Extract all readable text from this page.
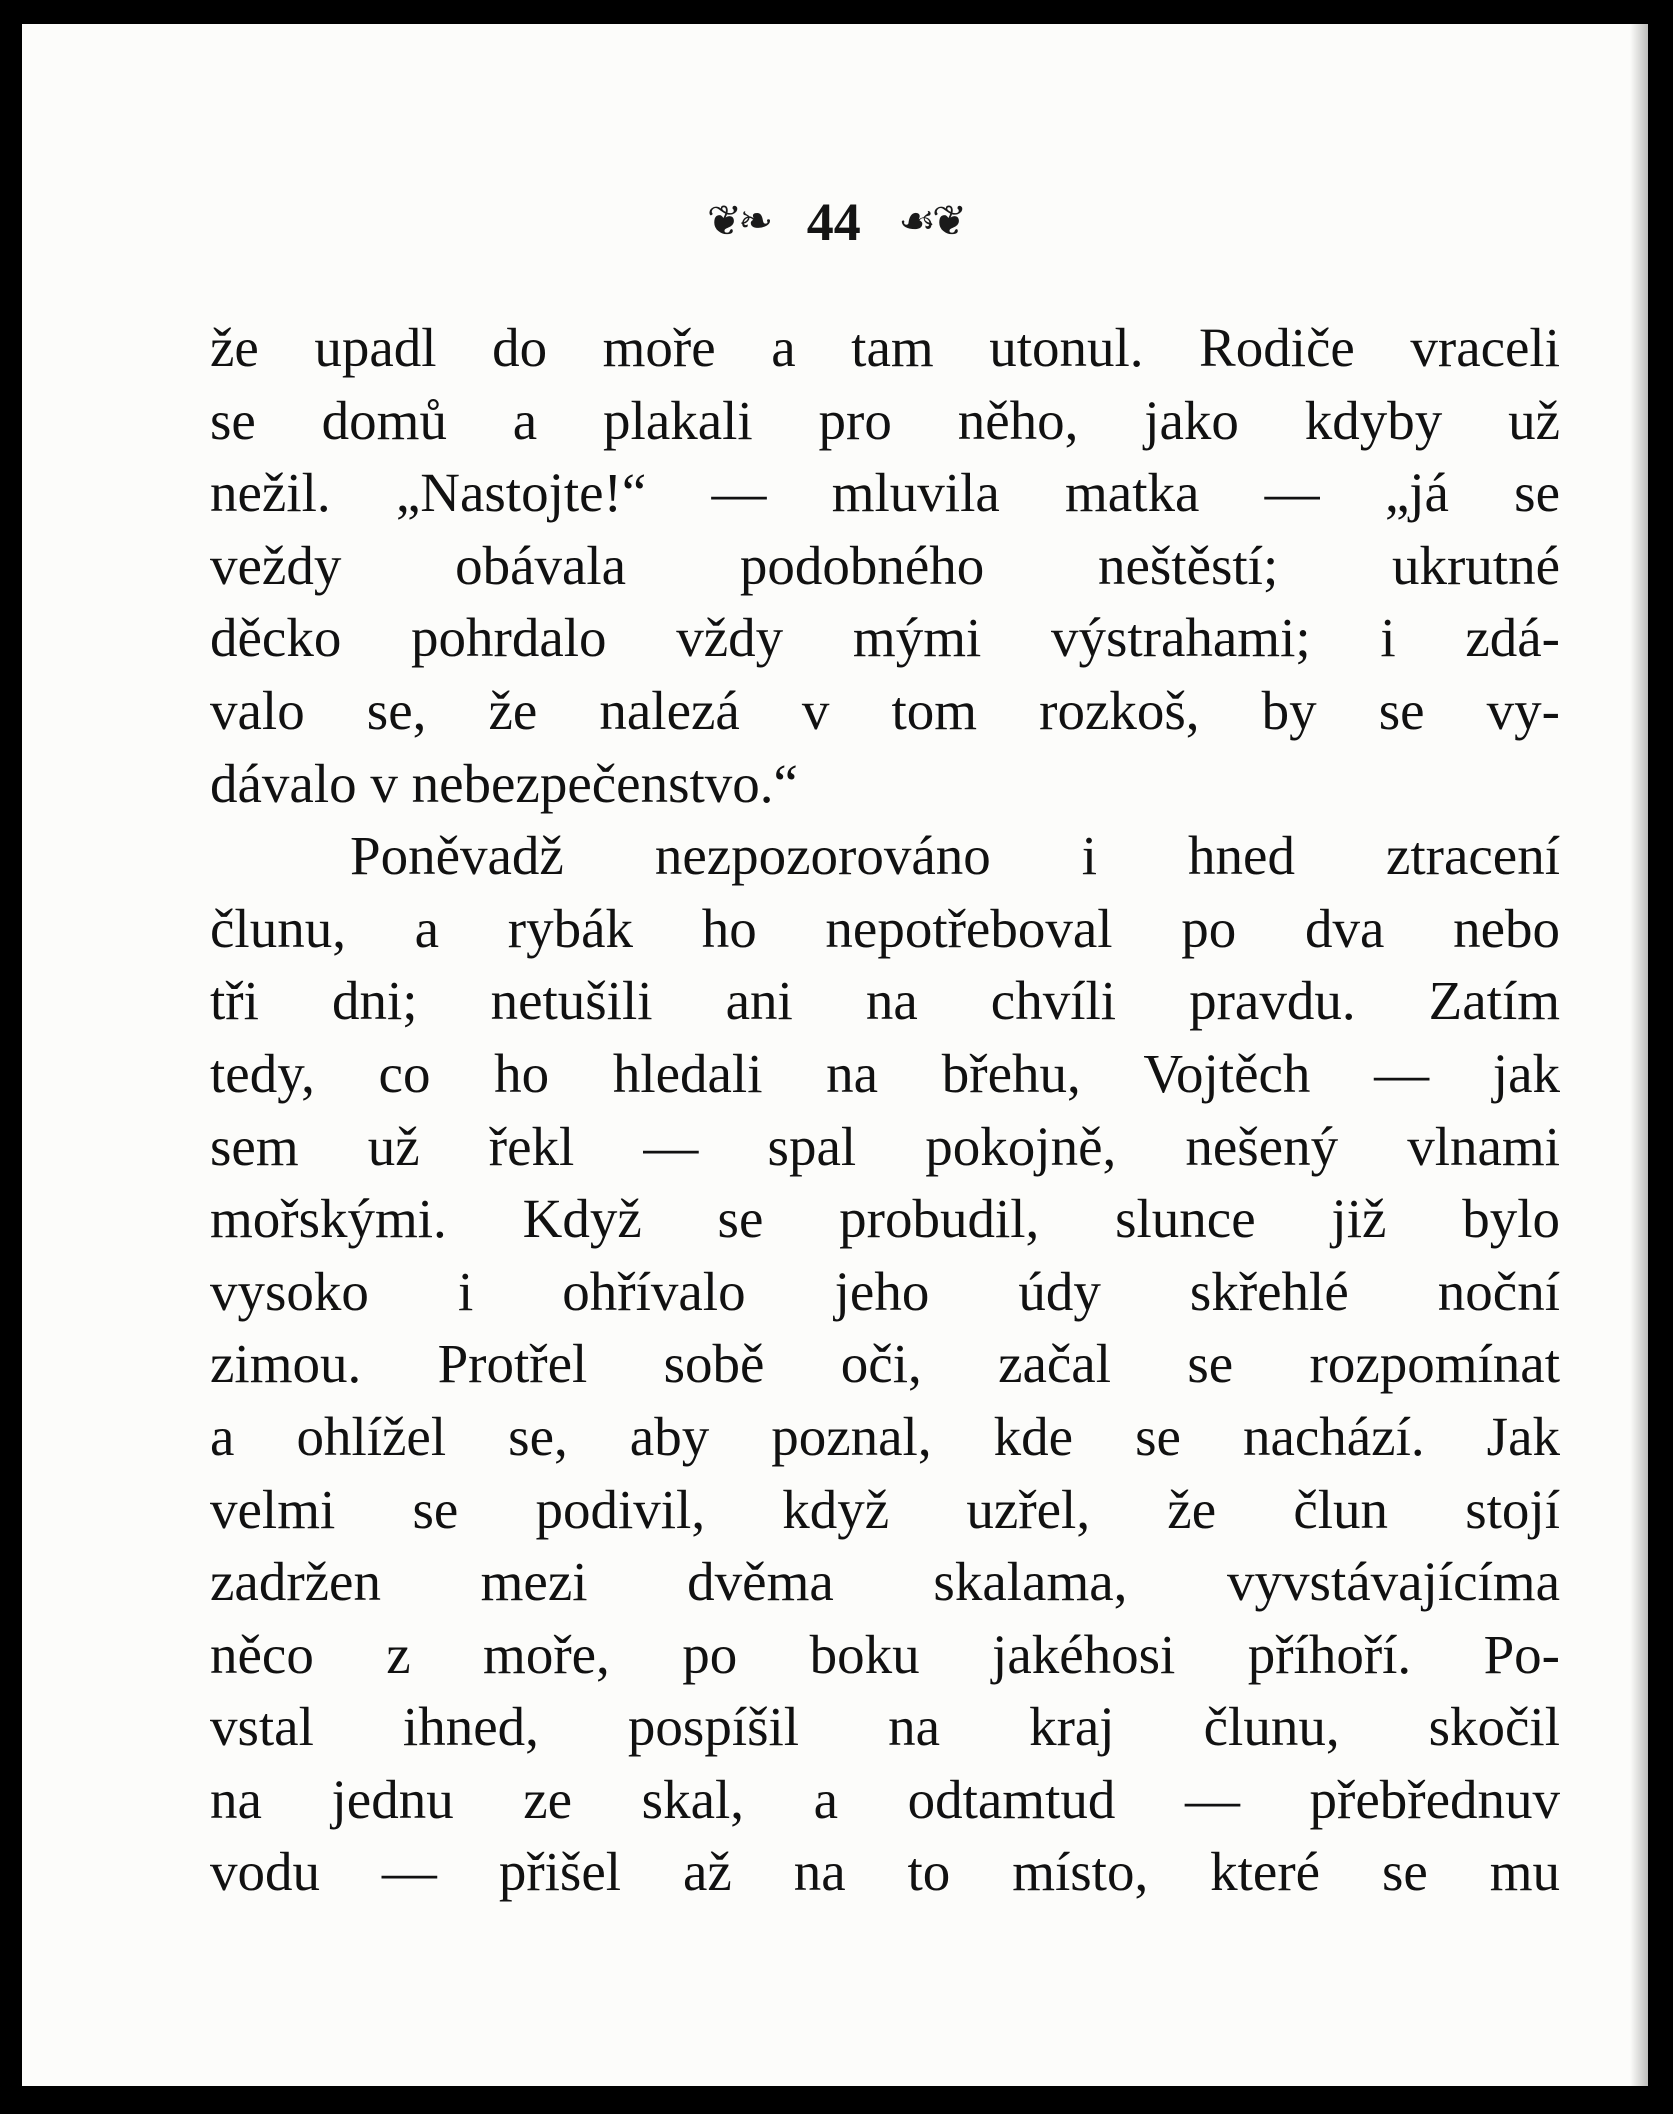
❦❧ 44 ☙❦
že upadl do moře a tam utonul. Rodiče vraceli
se domů a plakali pro něho, jako kdyby už
nežil. „Nastojte!“ — mluvila matka — „já se
veždy obávala podobného neštěstí; ukrutné
děcko pohrdalo vždy mými výstrahami; i zdá-
valo se, že nalezá v tom rozkoš, by se vy-
dávalo v nebezpečenstvo.“
Poněvadž nezpozorováno i hned ztracení
člunu, a rybák ho nepotřeboval po dva nebo
tři dni; netušili ani na chvíli pravdu. Zatím
tedy, co ho hledali na břehu, Vojtěch — jak
sem už řekl — spal pokojně, nešený vlnami
mořskými. Když se probudil, slunce již bylo
vysoko i ohřívalo jeho údy skřehlé noční
zimou. Protřel sobě oči, začal se rozpomínat
a ohlížel se, aby poznal, kde se nachází. Jak
velmi se podivil, když uzřel, že člun stojí
zadržen mezi dvěma skalama, vyvstávajícíma
něco z moře, po boku jakéhosi příhoří. Po-
vstal ihned, pospíšil na kraj člunu, skočil
na jednu ze skal, a odtamtud — přebřednuv
vodu — přišel až na to místo, které se mu
